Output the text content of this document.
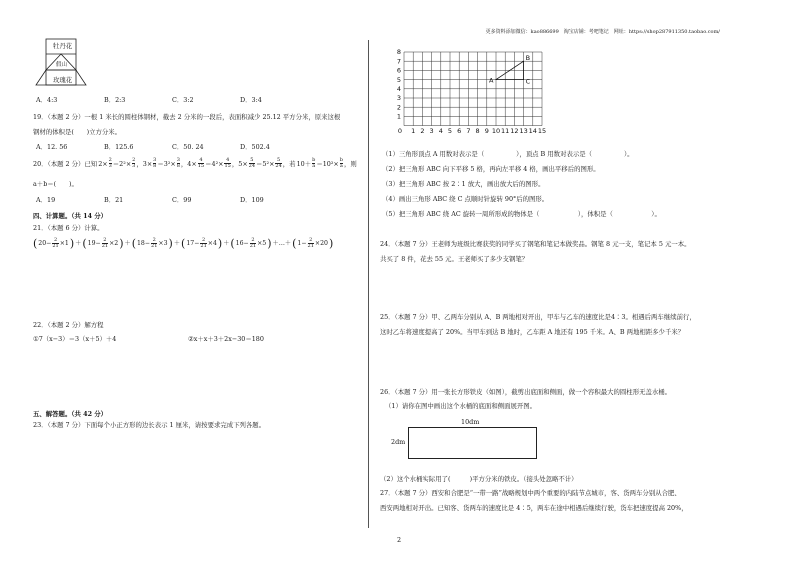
更多资料添加微信：kao886699　淘宝店铺：考吧笔记　网址：https://shop287911350.taobao.com/
牡丹花
假山
玫瑰花
A．4:3	B．2:3	C．3:2	D．3:4
19．（本题 2 分）一根 1 米长的圆柱体钢材，截去 2 分米的一段后，表面积减少 25.12 平方分米，原来这根
钢材的体积是(　　)立方分米。
A．12. 56	B．125.6	C．50. 24	D．502.4
20．（本题 2 分）已知 $2\times \frac{2}{3} =2^2\times \frac{2}{3}$ ，$3\times \frac{3}{8} =3^2\times \frac{3}{8}$ ，$4\times \frac{4}{15} =4^2\times \frac{4}{15}$ ，$5\times \frac{5}{24} =5^2\times \frac{5}{24}$ ，若 $10+ \frac{b}{a} =10^2\times \frac{b}{a}$ ，则
a＋b＝(　　)。
A．19	B．21	C．99	D．109
四、计算题。（共 14 分）
21．（本题 6 分）计算。
( $20- \frac{2}{21} \times 1$ ) ＋ ( $19- \frac{2}{21} \times 2$ ) ＋ ( $18- \frac{2}{21} \times 3$ ) ＋ ( $17- \frac{2}{21} \times 4$ ) ＋ ( $16- \frac{2}{21} \times 5$ ) ＋…＋ ( $1- \frac{2}{21} \times 20$ )
22．（本题 2 分）解方程
①7（x−3）＝3（x＋5）＋4	②x＋x＋3＋2x−30＝180
五、解答题。（共 42 分）
23．（本题 7 分）下面每个小正方形的边长表示 1 厘米，请按要求完成下列各题。
1 2 3 4 5 6 7 8 9 10 11 12 13 14 15
0
1
2
3
4
5
6
7
8
A
B
C
（1）三角形顶点 A 用数对表示是（　　　　　），顶点 B 用数对表示是（　　　　　）。
（2）把三角形 ABC 向下平移 5 格，再向左平移 4 格，画出平移后的图形。
（3）把三角形 ABC 按 2∶1 放大，画出放大后的图形。
（4）画出三角形 ABC 绕 C 点顺时针旋转 90°后的图形。
（5）把三角形 ABC 绕 AC 旋转一周所形成的物体是（　　　　　　），体积是（　　　　　　）。
24．（本题 7 分）王老师为班级比赛获奖的同学买了钢笔和笔记本做奖品。钢笔 8 元一支，笔记本 5 元一本。
共买了 8 件，花去 55 元。王老师买了多少支钢笔？
25．（本题 7 分）甲、乙两车分别从 A、B 两地相对开出，甲车与乙车的速度比是4∶3。相遇后两车继续前行，
这时乙车将速度提高了 20%。当甲车到达 B 地时，乙车距 A 地还有 195 千米。A、B 两地相距多少千米？
26．（本题 7 分）用一张长方形铁皮（如图），截剪出底面和侧面，做一个容积最大的圆柱形无盖水桶。
（1）请你在图中画出这个水桶的底面和侧面展开图。
10dm
2dm
（2）这个水桶实际用了(　　　)平方分米的铁皮。（接头处忽略不计）
27．（本题 7 分）西安和合肥是“一带一路”战略规划中两个重要的内陆节点城市，客、货两车分别从合肥、
西安两地相对开出。已知客、货两车的速度比是 4∶5，两车在途中相遇后继续行驶，货车把速度提高 20%，
2
